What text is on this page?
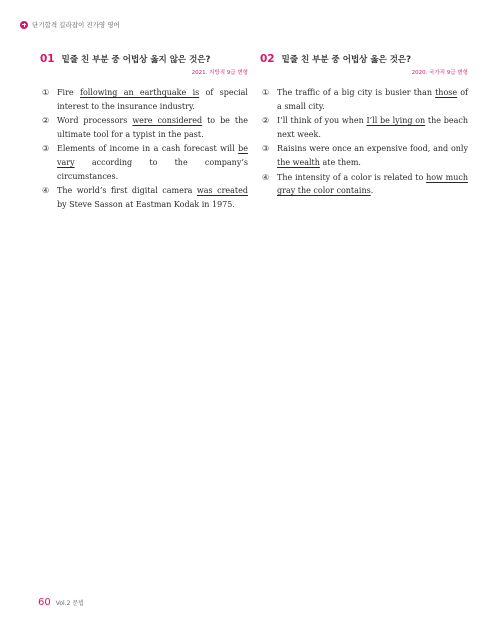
단기합격 길라잡이 진가영 영어
01 밑줄 친 부분 중 어법상 옳지 않은 것은?
2021. 지방직 9급 변형
① Fire following an earthquake is of special interest to the insurance industry.
② Word processors were considered to be the ultimate tool for a typist in the past.
③ Elements of income in a cash forecast will be vary according to the company’s circumstances.
④ The world’s first digital camera was created by Steve Sasson at Eastman Kodak in 1975.
02 밑줄 친 부분 중 어법상 옳은 것은?
2020. 국가직 9급 변형
① The traffic of a big city is busier than those of a small city.
② I’ll think of you when I’ll be lying on the beach next week.
③ Raisins were once an expensive food, and only the wealth ate them.
④ The intensity of a color is related to how much gray the color contains.
60 Vol.2 문법
